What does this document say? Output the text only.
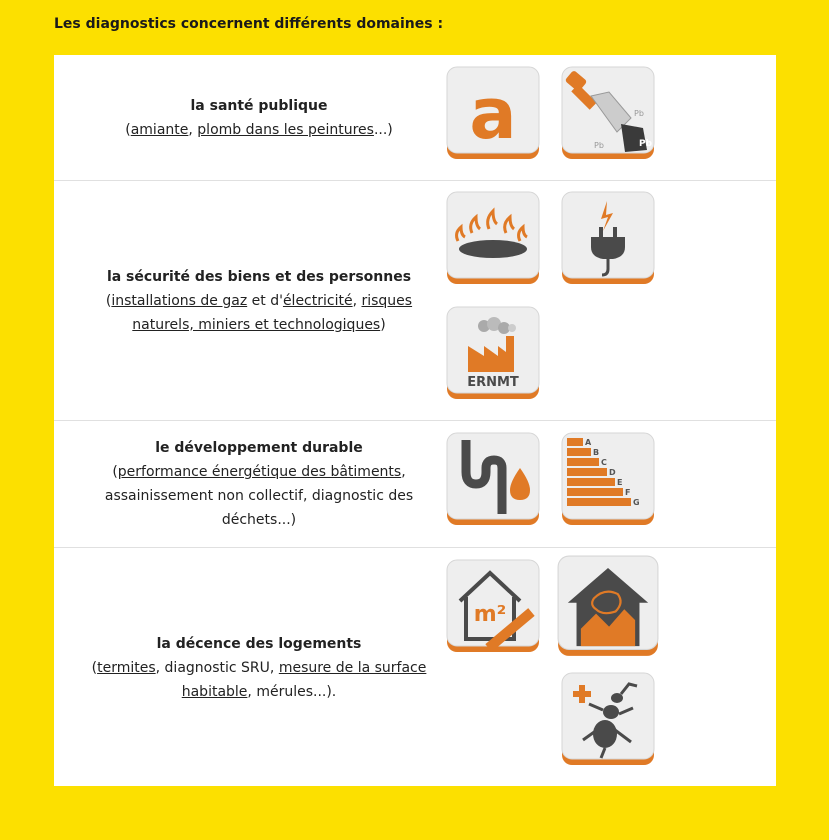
Les diagnostics concernent différents domaines :
la santé publique
(amiante, plomb dans les peintures...)	a	Pb
Pb
Pb
la sécurité des biens et des personnes
(installations de gaz et d'électricité, risques naturels, miniers et technologiques)
ERNMT
le développement durable
(performance énergétique des bâtiments, assainissement non collectif, diagnostic des déchets...)
A
B
C
D
E
F
G
la décence des logements
(termites, diagnostic SRU, mesure de la surface habitable, mérules...).
m²
